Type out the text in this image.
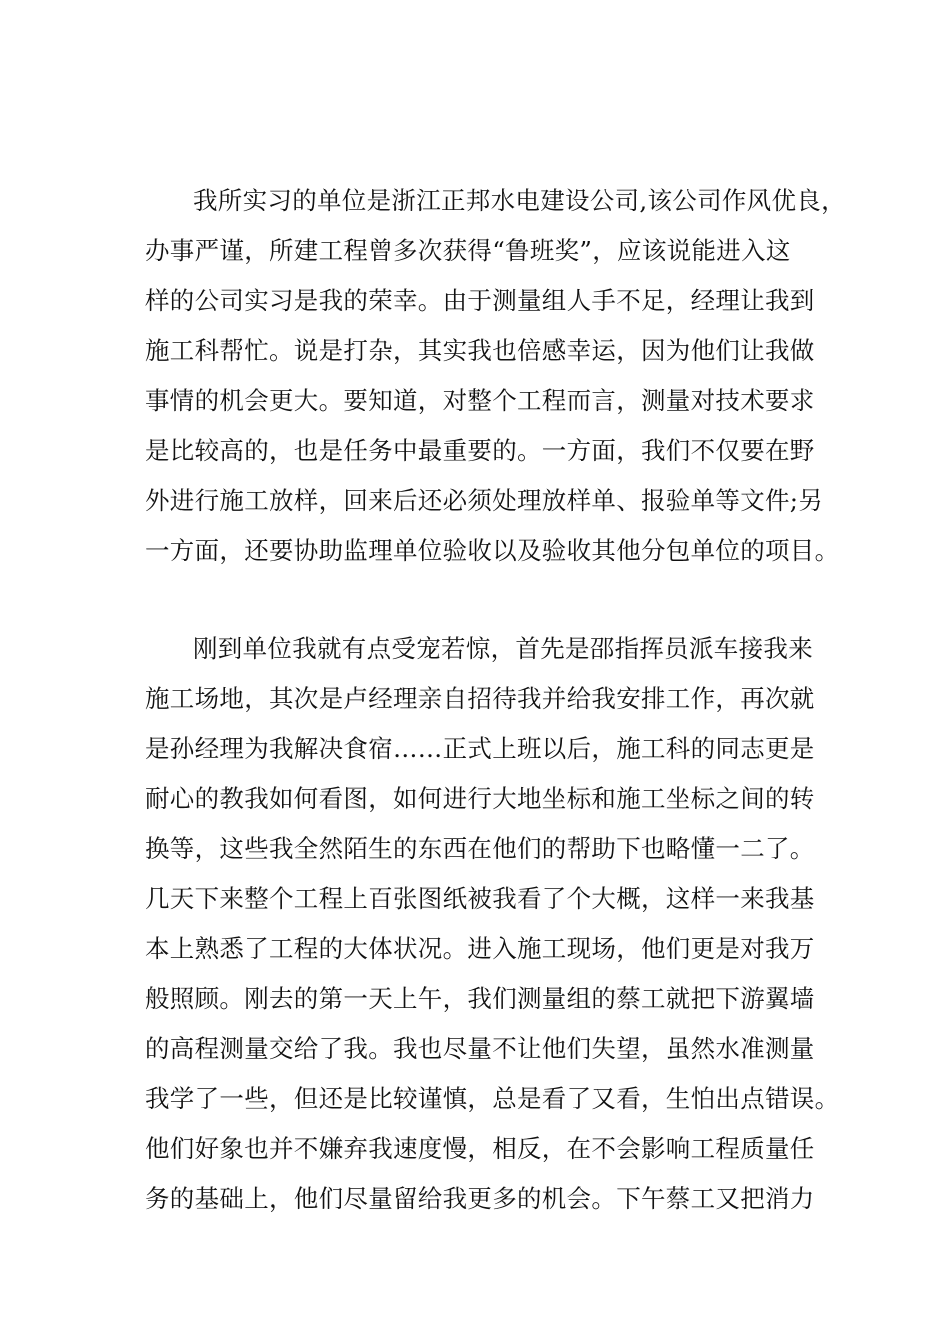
我所实习的单位是浙江正邦水电建设公司,该公司作风优良，
办事严谨，所建工程曾多次获得“鲁班奖”，应该说能进入这
样的公司实习是我的荣幸。由于测量组人手不足，经理让我到
施工科帮忙。说是打杂，其实我也倍感幸运，因为他们让我做
事情的机会更大。要知道，对整个工程而言，测量对技术要求
是比较高的，也是任务中最重要的。一方面，我们不仅要在野
外进行施工放样，回来后还必须处理放样单、报验单等文件;另
一方面，还要协助监理单位验收以及验收其他分包单位的项目。
刚到单位我就有点受宠若惊，首先是邵指挥员派车接我来
施工场地，其次是卢经理亲自招待我并给我安排工作，再次就
是孙经理为我解决食宿……正式上班以后，施工科的同志更是
耐心的教我如何看图，如何进行大地坐标和施工坐标之间的转
换等，这些我全然陌生的东西在他们的帮助下也略懂一二了。
几天下来整个工程上百张图纸被我看了个大概，这样一来我基
本上熟悉了工程的大体状况。进入施工现场，他们更是对我万
般照顾。刚去的第一天上午，我们测量组的蔡工就把下游翼墙
的高程测量交给了我。我也尽量不让他们失望，虽然水准测量
我学了一些，但还是比较谨慎，总是看了又看，生怕出点错误。
他们好象也并不嫌弃我速度慢，相反，在不会影响工程质量任
务的基础上，他们尽量留给我更多的机会。下午蔡工又把消力
